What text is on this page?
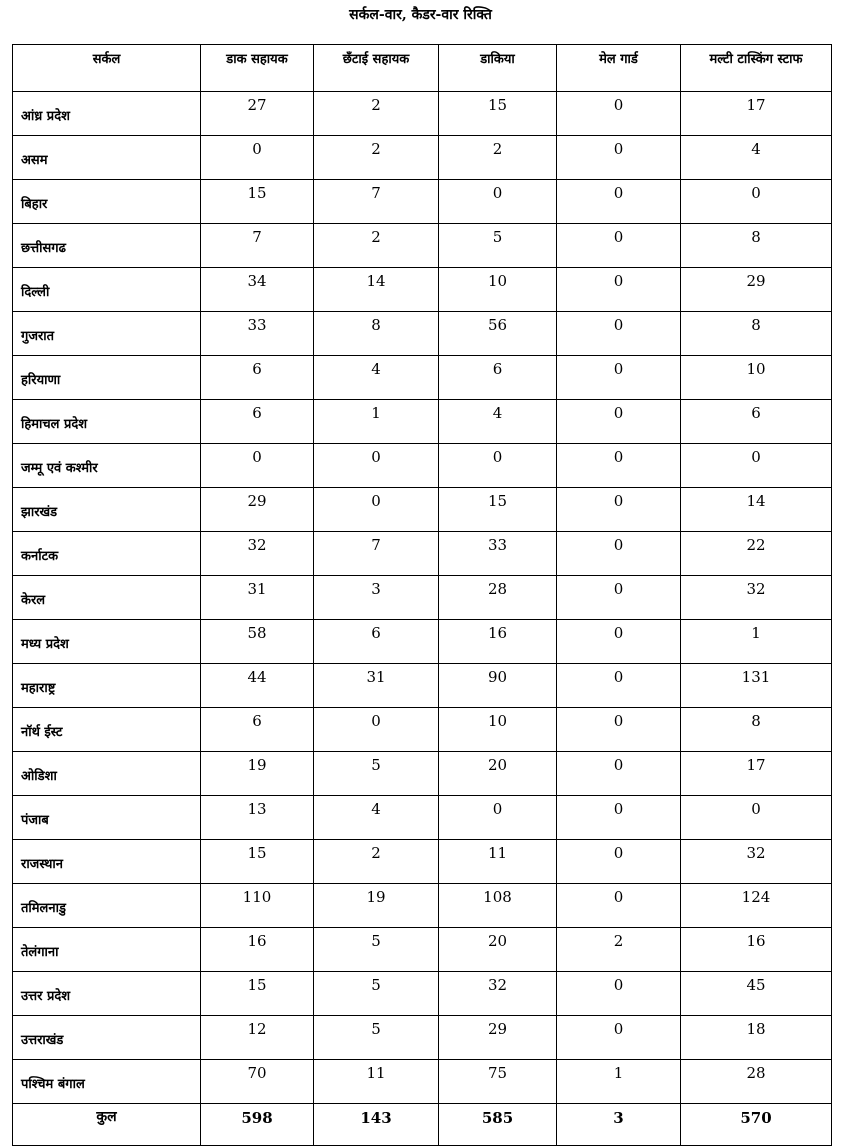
सर्कल-वार, कैडर-वार रिक्ति
सर्कल	डाक सहायक	छँटाई सहायक	डाकिया	मेल गार्ड	मल्टी टास्किंग स्टाफ
आंध्र प्रदेश	27	2	15	0	17
असम	0	2	2	0	4
बिहार	15	7	0	0	0
छत्तीसगढ	7	2	5	0	8
दिल्ली	34	14	10	0	29
गुजरात	33	8	56	0	8
हरियाणा	6	4	6	0	10
हिमाचल प्रदेश	6	1	4	0	6
जम्मू एवं कश्मीर	0	0	0	0	0
झारखंड	29	0	15	0	14
कर्नाटक	32	7	33	0	22
केरल	31	3	28	0	32
मध्य प्रदेश	58	6	16	0	1
महाराष्ट्र	44	31	90	0	131
नॉर्थ ईस्ट	6	0	10	0	8
ओडिशा	19	5	20	0	17
पंजाब	13	4	0	0	0
राजस्थान	15	2	11	0	32
तमिलनाडु	110	19	108	0	124
तेलंगाना	16	5	20	2	16
उत्तर प्रदेश	15	5	32	0	45
उत्तराखंड	12	5	29	0	18
पश्चिम बंगाल	70	11	75	1	28
कुल	598	143	585	3	570
